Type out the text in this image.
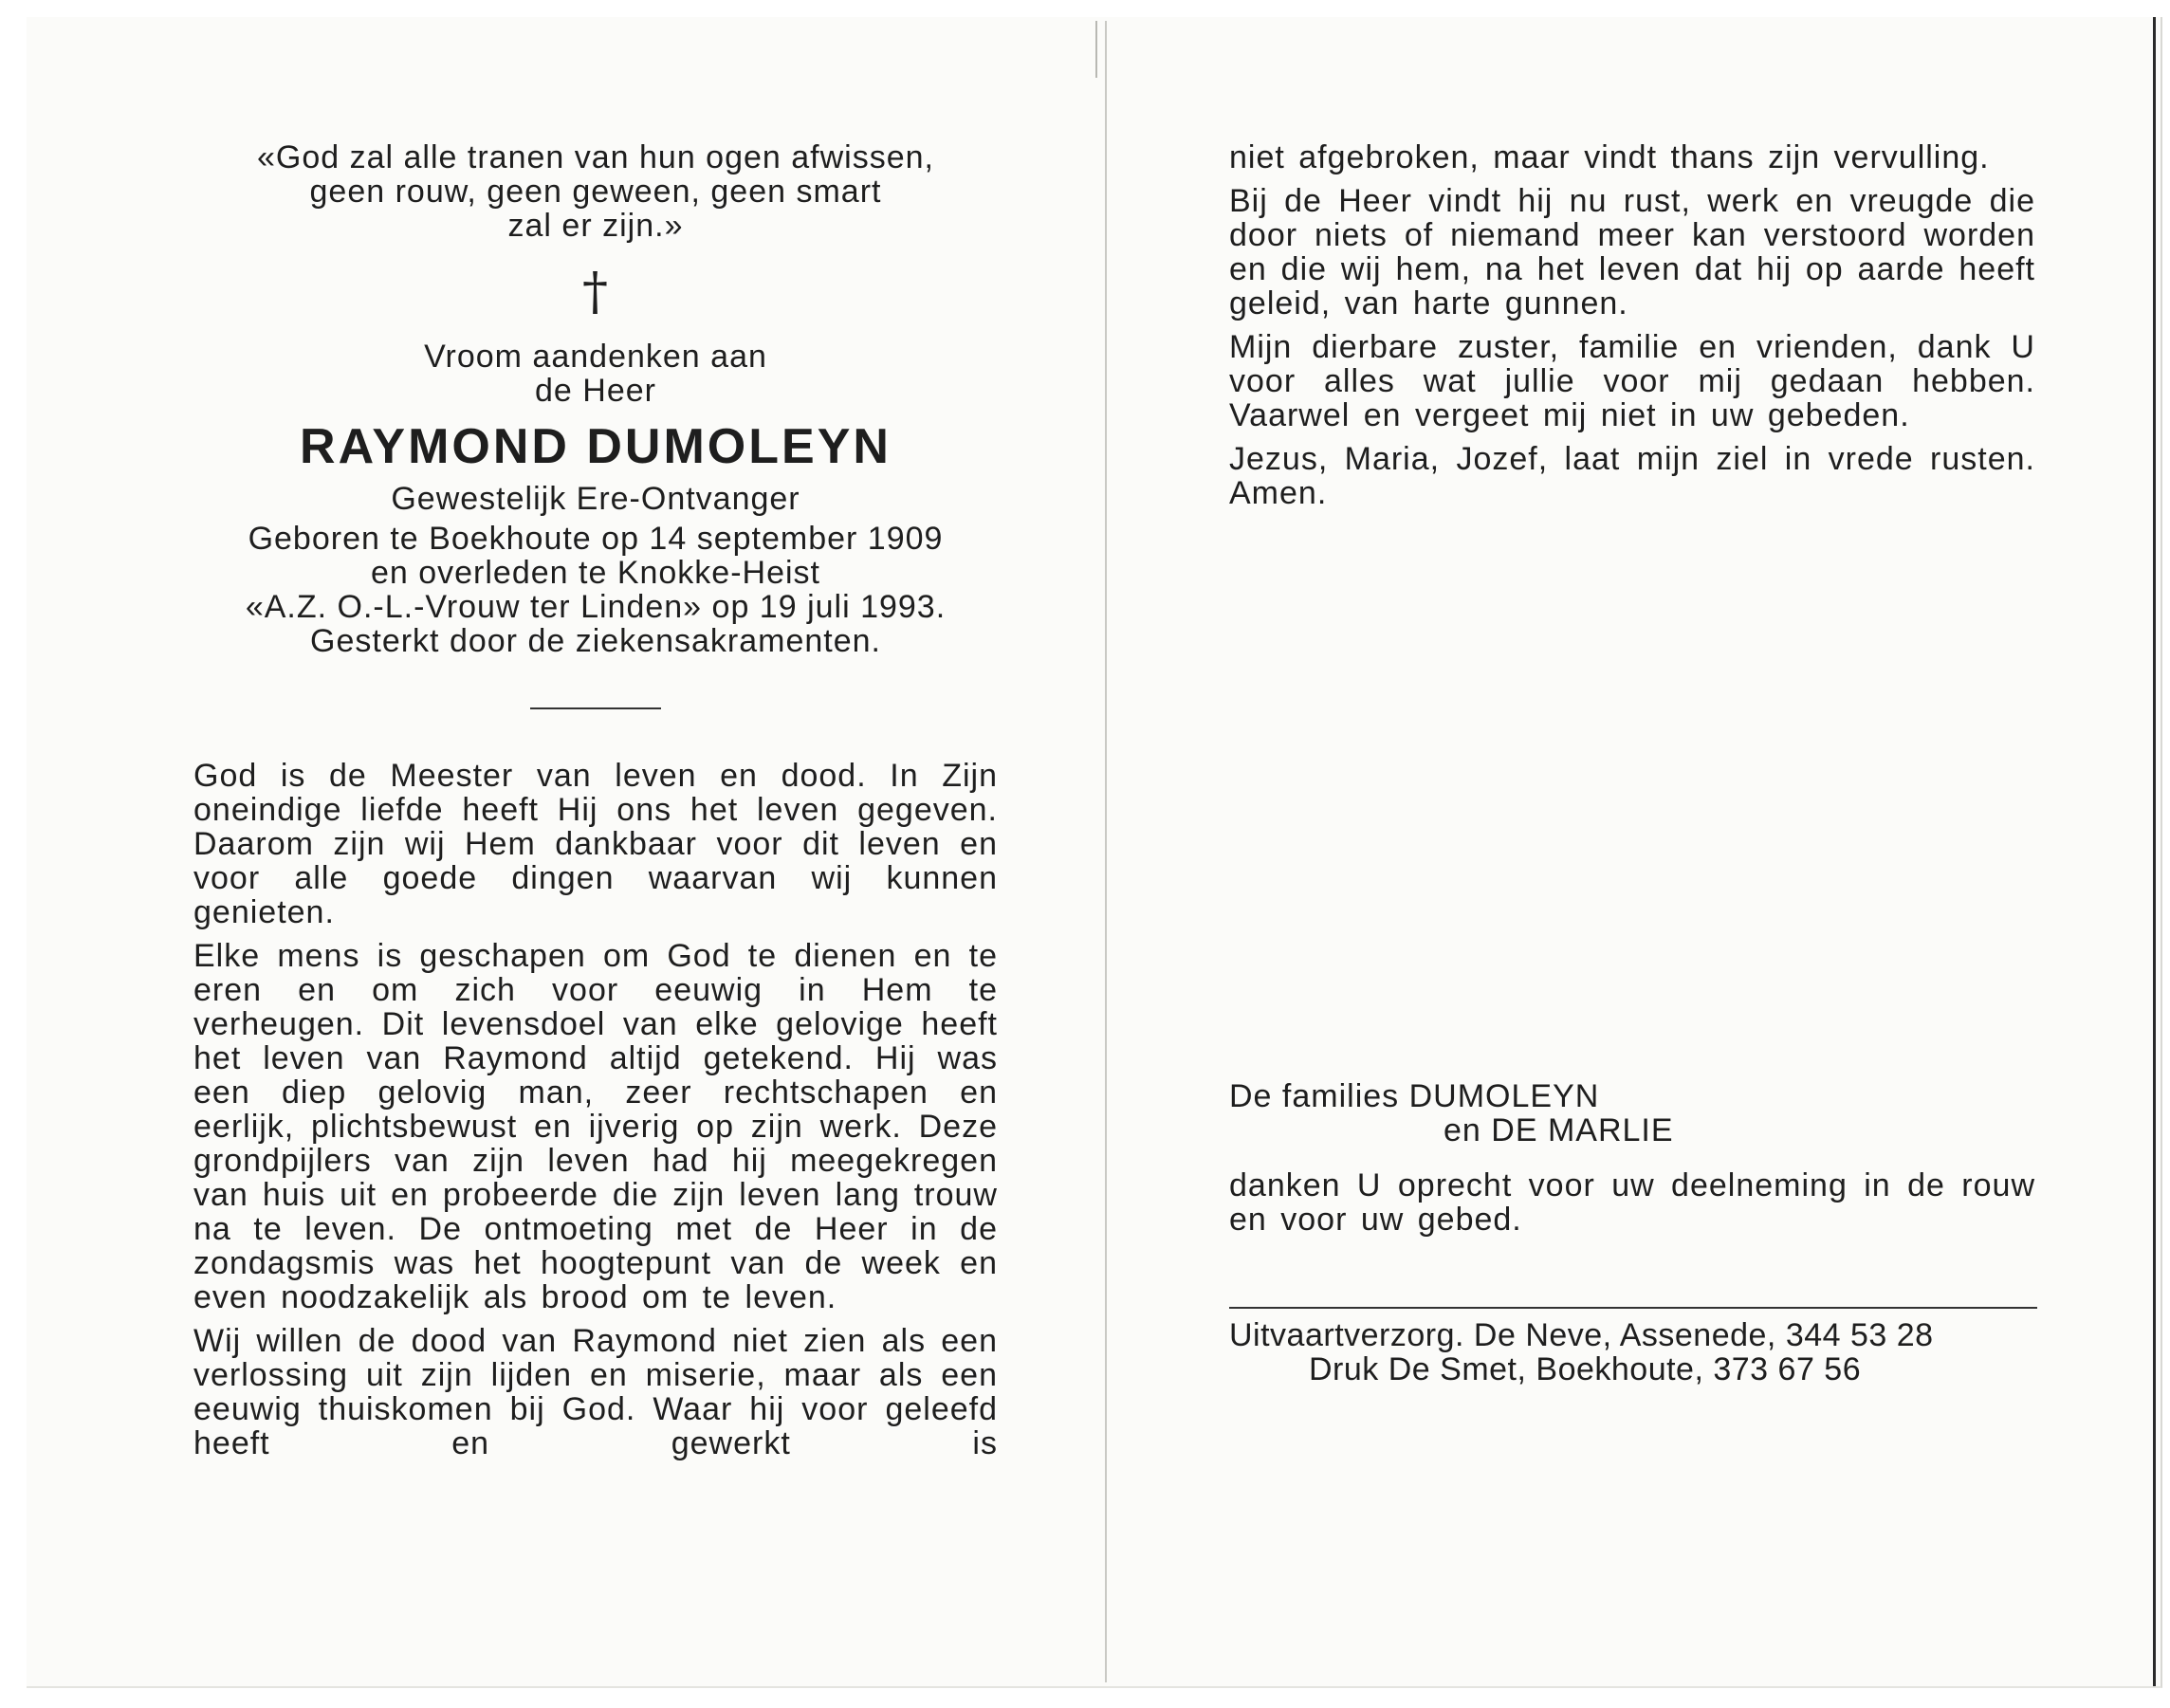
«God zal alle tranen van hun ogen afwissen,

geen rouw, geen geween, geen smart

zal er zijn.»

†

Vroom aandenken aan

de Heer

RAYMOND DUMOLEYN

Gewestelijk Ere-Ontvanger

Geboren te Boekhoute op 14 september 1909

en overleden te Knokke-Heist

«A.Z. O.-L.-Vrouw ter Linden» op 19 juli 1993.

Gesterkt door de ziekensakramenten.

God is de Meester van leven en dood. In Zijn oneindige liefde heeft Hij ons het leven gegeven. Daarom zijn wij Hem dankbaar voor dit leven en voor alle goede dingen waarvan wij kunnen genieten.

Elke mens is geschapen om God te dienen en te eren en om zich voor eeuwig in Hem te verheugen. Dit levensdoel van elke gelovige heeft het leven van Raymond altijd getekend. Hij was een diep gelovig man, zeer rechtschapen en eerlijk, plichtsbewust en ijverig op zijn werk. Deze grondpijlers van zijn leven had hij meegekregen van huis uit en probeerde die zijn leven lang trouw na te leven. De ontmoeting met de Heer in de zondagsmis was het hoogtepunt van de week en even noodzakelijk als brood om te leven.

Wij willen de dood van Raymond niet zien als een verlossing uit zijn lijden en miserie, maar als een eeuwig thuiskomen bij God. Waar hij voor geleefd heeft en gewerkt is

niet afgebroken, maar vindt thans zijn vervulling.

Bij de Heer vindt hij nu rust, werk en vreugde die door niets of niemand meer kan verstoord worden en die wij hem, na het leven dat hij op aarde heeft geleid, van harte gunnen.

Mijn dierbare zuster, familie en vrienden, dank U voor alles wat jullie voor mij gedaan hebben. Vaarwel en vergeet mij niet in uw gebeden.

Jezus, Maria, Jozef, laat mijn ziel in vrede rusten. Amen.

De families DUMOLEYN

en DE MARLIE

danken U oprecht voor uw deelneming in de rouw en voor uw gebed.

Uitvaartverzorg. De Neve, Assenede, 344 53 28

Druk De Smet, Boekhoute, 373 67 56
